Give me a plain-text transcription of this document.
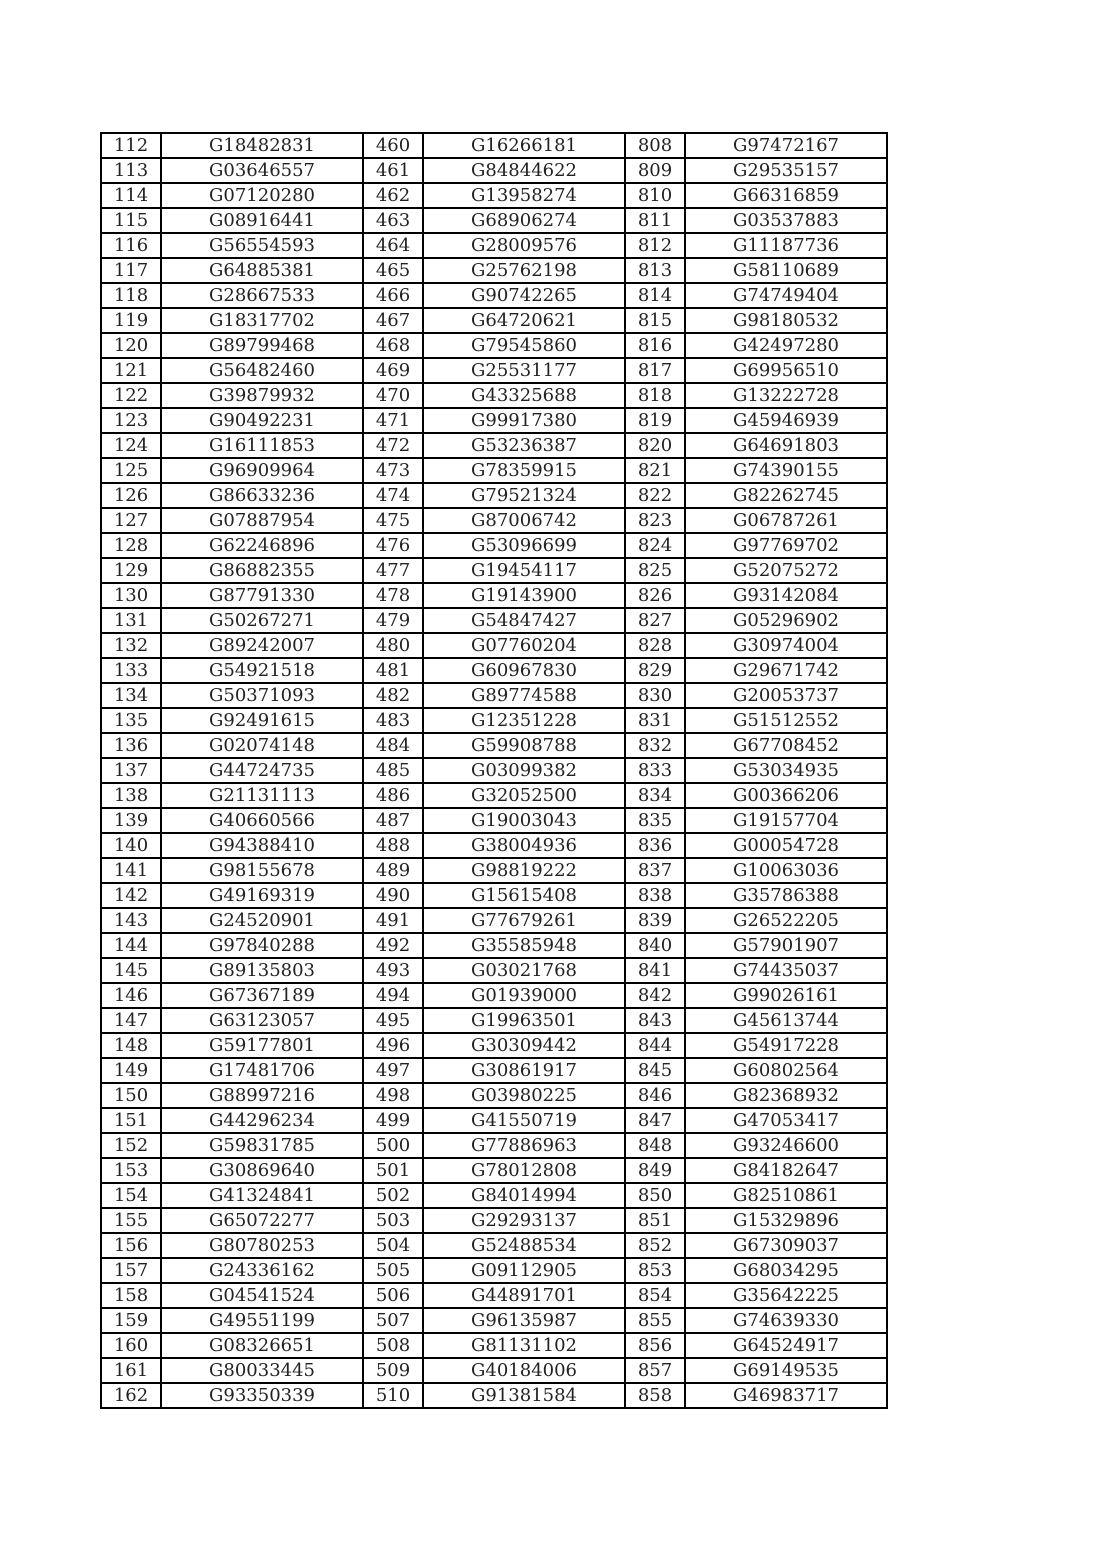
112	G18482831	460	G16266181	808	G97472167
113	G03646557	461	G84844622	809	G29535157
114	G07120280	462	G13958274	810	G66316859
115	G08916441	463	G68906274	811	G03537883
116	G56554593	464	G28009576	812	G11187736
117	G64885381	465	G25762198	813	G58110689
118	G28667533	466	G90742265	814	G74749404
119	G18317702	467	G64720621	815	G98180532
120	G89799468	468	G79545860	816	G42497280
121	G56482460	469	G25531177	817	G69956510
122	G39879932	470	G43325688	818	G13222728
123	G90492231	471	G99917380	819	G45946939
124	G16111853	472	G53236387	820	G64691803
125	G96909964	473	G78359915	821	G74390155
126	G86633236	474	G79521324	822	G82262745
127	G07887954	475	G87006742	823	G06787261
128	G62246896	476	G53096699	824	G97769702
129	G86882355	477	G19454117	825	G52075272
130	G87791330	478	G19143900	826	G93142084
131	G50267271	479	G54847427	827	G05296902
132	G89242007	480	G07760204	828	G30974004
133	G54921518	481	G60967830	829	G29671742
134	G50371093	482	G89774588	830	G20053737
135	G92491615	483	G12351228	831	G51512552
136	G02074148	484	G59908788	832	G67708452
137	G44724735	485	G03099382	833	G53034935
138	G21131113	486	G32052500	834	G00366206
139	G40660566	487	G19003043	835	G19157704
140	G94388410	488	G38004936	836	G00054728
141	G98155678	489	G98819222	837	G10063036
142	G49169319	490	G15615408	838	G35786388
143	G24520901	491	G77679261	839	G26522205
144	G97840288	492	G35585948	840	G57901907
145	G89135803	493	G03021768	841	G74435037
146	G67367189	494	G01939000	842	G99026161
147	G63123057	495	G19963501	843	G45613744
148	G59177801	496	G30309442	844	G54917228
149	G17481706	497	G30861917	845	G60802564
150	G88997216	498	G03980225	846	G82368932
151	G44296234	499	G41550719	847	G47053417
152	G59831785	500	G77886963	848	G93246600
153	G30869640	501	G78012808	849	G84182647
154	G41324841	502	G84014994	850	G82510861
155	G65072277	503	G29293137	851	G15329896
156	G80780253	504	G52488534	852	G67309037
157	G24336162	505	G09112905	853	G68034295
158	G04541524	506	G44891701	854	G35642225
159	G49551199	507	G96135987	855	G74639330
160	G08326651	508	G81131102	856	G64524917
161	G80033445	509	G40184006	857	G69149535
162	G93350339	510	G91381584	858	G46983717
